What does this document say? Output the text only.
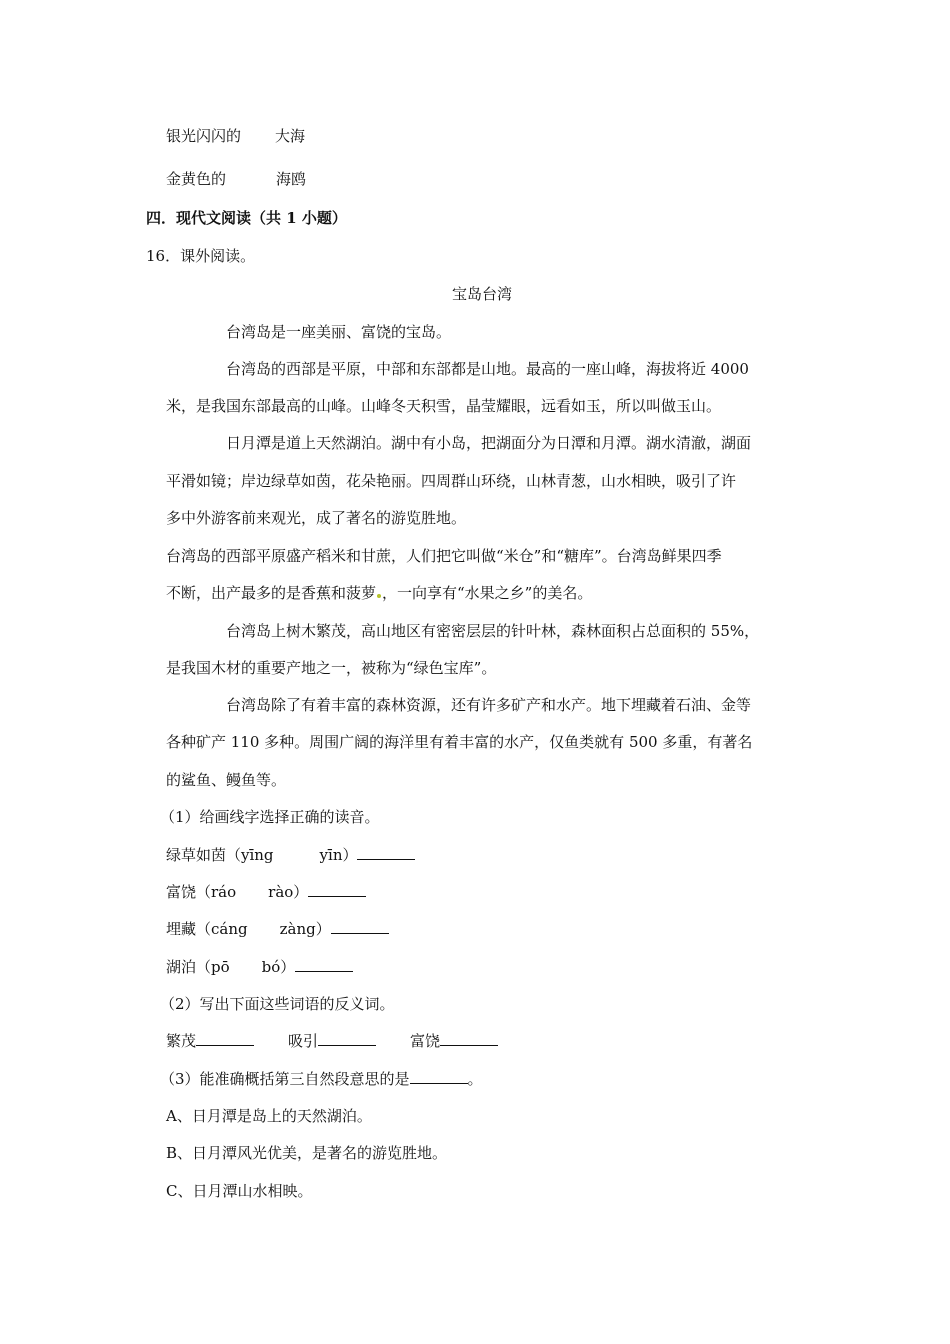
银光闪闪的 大海
金黄色的	海鸥
四．现代文阅读（共 1 小题）
16．课外阅读。
宝岛台湾
台湾岛是一座美丽、富饶的宝岛。
台湾岛的西部是平原，中部和东部都是山地。最高的一座山峰，海拔将近 4000
米，是我国东部最高的山峰。山峰冬天积雪，晶莹耀眼，远看如玉，所以叫做玉山。
日月潭是道上天然湖泊。湖中有小岛，把湖面分为日潭和月潭。湖水清澈，湖面
平滑如镜；岸边绿草如茵，花朵艳丽。四周群山环绕，山林青葱，山水相映，吸引了许
多中外游客前来观光，成了著名的游览胜地。
台湾岛的西部平原盛产稻米和甘蔗，人们把它叫做“米仓”和“糖库”。台湾岛鲜果四季
不断，出产最多的是香蕉和菠萝 ，一向享有“水果之乡”的美名。
台湾岛上树木繁茂，高山地区有密密层层的针叶林，森林面积占总面积的 55%，
是我国木材的重要产地之一，被称为“绿色宝库”。
台湾岛除了有着丰富的森林资源，还有许多矿产和水产。地下埋藏着石油、金等
各种矿产 110 多种。周围广阔的海洋里有着丰富的水产，仅鱼类就有 500 多重，有著名
的鲨鱼、鳗鱼等。
（1）给画线字选择正确的读音。
绿草如茵（yīng	yīn）
富饶（ráo rào）
埋藏（cáng zàng）
湖泊（pō bó）
（2）写出下面这些词语的反义词。
繁茂	吸引	富饶
（3）能准确概括第三自然段意思的是	。
A、日月潭是岛上的天然湖泊。
B、日月潭风光优美，是著名的游览胜地。
C、日月潭山水相映。
